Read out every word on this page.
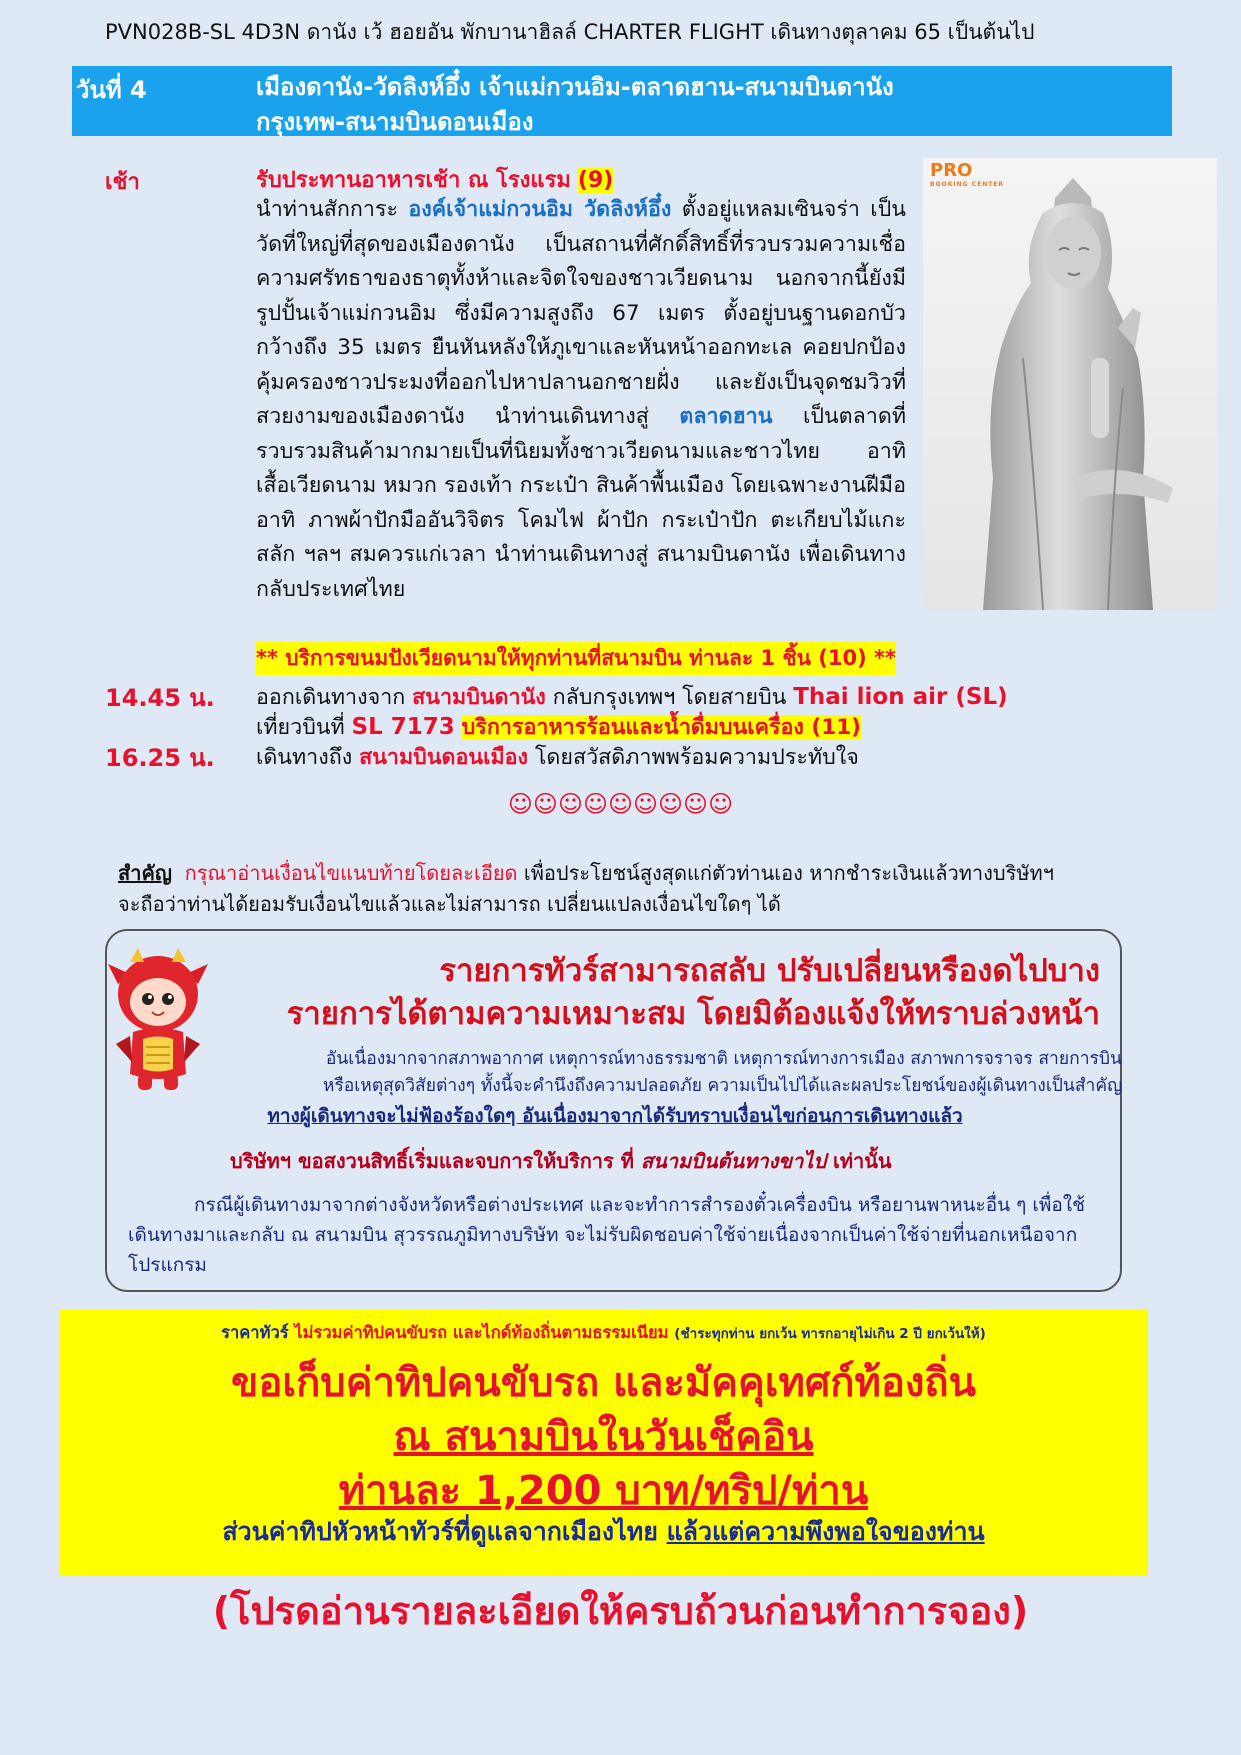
PVN028B-SL 4D3N ดานัง เว้ ฮอยอัน พักบานาฮิลล์ CHARTER FLIGHT เดินทางตุลาคม 65 เป็นต้นไป
วันที่ 4	เมืองดานัง-วัดลิงห์อึ๋ง เจ้าแม่กวนอิม-ตลาดฮาน-สนามบินดานัง
กรุงเทพ-สนามบินดอนเมือง
เช้า	รับประทานอาหารเช้า ณ โรงแรม (9)

นำท่านสักการะ องค์เจ้าแม่กวนอิม วัดลิงห์อึ๋ง ตั้งอยู่แหลมเซินจร่า เป็นวัดที่ใหญ่ที่สุดของเมืองดานัง เป็นสถานที่ศักดิ์สิทธิ์ที่รวบรวมความเชื่อ ความศรัทธาของธาตุทั้งห้าและจิตใจของชาวเวียดนาม นอกจากนี้ยังมีรูปปั้นเจ้าแม่กวนอิม ซึ่งมีความสูงถึง 67 เมตร ตั้งอยู่บนฐานดอกบัว กว้างถึง 35 เมตร ยืนหันหลังให้ภูเขาและหันหน้าออกทะเล คอยปกป้องคุ้มครองชาวประมงที่ออกไปหาปลานอกชายฝั่ง และยังเป็นจุดชมวิวที่สวยงามของเมืองดานัง นำท่านเดินทางสู่ ตลาดฮาน เป็นตลาดที่รวบรวมสินค้ามากมายเป็นที่นิยมทั้งชาวเวียดนามและชาวไทย อาทิ เสื้อเวียดนาม หมวก รองเท้า กระเป๋า สินค้าพื้นเมือง โดยเฉพาะงานฝีมือ อาทิ ภาพผ้าปักมืออันวิจิตร โคมไฟ ผ้าปัก กระเป๋าปัก ตะเกียบไม้แกะสลัก ฯลฯ สมควรแก่เวลา นำท่านเดินทางสู่ สนามบินดานัง เพื่อเดินทางกลับประเทศไทย

** บริการขนมปังเวียดนามให้ทุกท่านที่สนามบิน ท่านละ 1 ชิ้น (10) **
PRO
BOOKING CENTER
14.45 น. ออกเดินทางจาก สนามบินดานัง กลับกรุงเทพฯ โดยสายบิน Thai lion air (SL)
เที่ยวบินที่ SL 7173 บริการอาหารร้อนและน้ำดื่มบนเครื่อง (11)
16.25 น. เดินทางถึง สนามบินดอนเมือง โดยสวัสดิภาพพร้อมความประทับใจ
☺☺☺☺☺☺☺☺☺
สำคัญ กรุณาอ่านเงื่อนไขแนบท้ายโดยละเอียด เพื่อประโยชน์สูงสุดแก่ตัวท่านเอง หากชำระเงินแล้วทางบริษัทฯ จะถือว่าท่านได้ยอมรับเงื่อนไขแล้วและไม่สามารถ เปลี่ยนแปลงเงื่อนไขใดๆ ได้
รายการทัวร์สามารถสลับ ปรับเปลี่ยนหรืองดไปบาง
รายการได้ตามความเหมาะสม โดยมิต้องแจ้งให้ทราบล่วงหน้า
อันเนื่องมากจากสภาพอากาศ เหตุการณ์ทางธรรมชาติ เหตุการณ์ทางการเมือง สภาพการจราจร สายการบิน
หรือเหตุสุดวิสัยต่างๆ ทั้งนี้จะคำนึงถึงความปลอดภัย ความเป็นไปได้และผลประโยชน์ของผู้เดินทางเป็นสำคัญ
ทางผู้เดินทางจะไม่ฟ้องร้องใดๆ อันเนื่องมาจากได้รับทราบเงื่อนไขก่อนการเดินทางแล้ว
บริษัทฯ ขอสงวนสิทธิ์เริ่มและจบการให้บริการ ที่ สนามบินต้นทางขาไป เท่านั้น
กรณีผู้เดินทางมาจากต่างจังหวัดหรือต่างประเทศ และจะทำการสำรองตั๋วเครื่องบิน หรือยานพาหนะอื่น ๆ เพื่อใช้เดินทางมาและกลับ ณ สนามบิน สุวรรณภูมิทางบริษัท จะไม่รับผิดชอบค่าใช้จ่ายเนื่องจากเป็นค่าใช้จ่ายที่นอกเหนือจากโปรแกรม
ราคาทัวร์ ไม่รวมค่าทิปคนขับรถ และไกด์ท้องถิ่นตามธรรมเนียม (ชำระทุกท่าน ยกเว้น ทารกอายุไม่เกิน 2 ปี ยกเว้นให้)
ขอเก็บค่าทิปคนขับรถ และมัคคุเทศก์ท้องถิ่น
ณ สนามบินในวันเช็คอิน
ท่านละ 1,200 บาท/ทริป/ท่าน
ส่วนค่าทิปหัวหน้าทัวร์ที่ดูแลจากเมืองไทย แล้วแต่ความพึงพอใจของท่าน
(โปรดอ่านรายละเอียดให้ครบถ้วนก่อนทำการจอง)
